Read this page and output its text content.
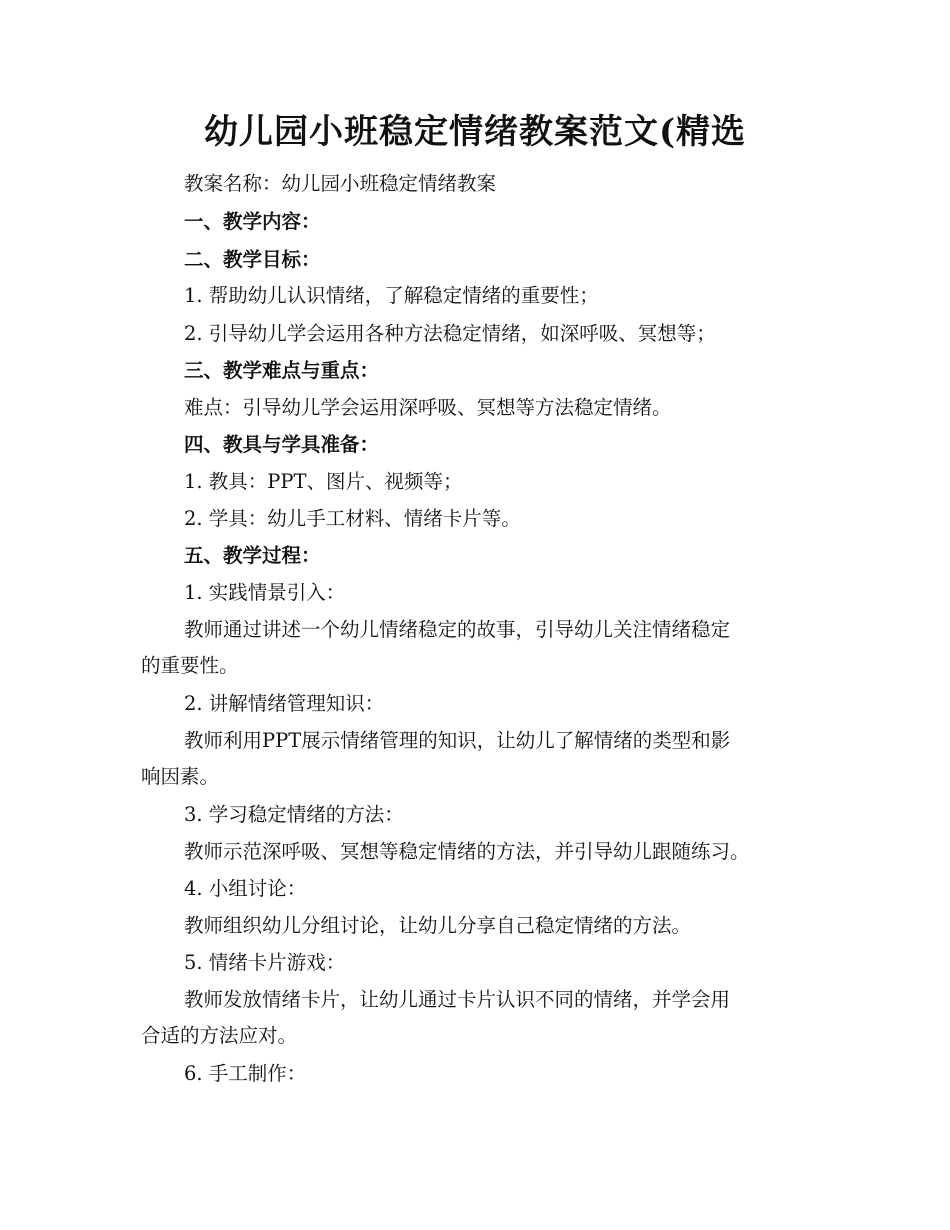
幼儿园小班稳定情绪教案范文(精选

教案名称：幼儿园小班稳定情绪教案

一、教学内容：

二、教学目标：

1. 帮助幼儿认识情绪，了解稳定情绪的重要性；

2. 引导幼儿学会运用各种方法稳定情绪，如深呼吸、冥想等；

三、教学难点与重点：

难点：引导幼儿学会运用深呼吸、冥想等方法稳定情绪。

四、教具与学具准备：

1. 教具：PPT、图片、视频等；

2. 学具：幼儿手工材料、情绪卡片等。

五、教学过程：

1. 实践情景引入：

教师通过讲述一个幼儿情绪稳定的故事，引导幼儿关注情绪稳定

的重要性。

2. 讲解情绪管理知识：

教师利用PPT展示情绪管理的知识，让幼儿了解情绪的类型和影

响因素。

3. 学习稳定情绪的方法：

教师示范深呼吸、冥想等稳定情绪的方法，并引导幼儿跟随练习。

4. 小组讨论：

教师组织幼儿分组讨论，让幼儿分享自己稳定情绪的方法。

5. 情绪卡片游戏：

教师发放情绪卡片，让幼儿通过卡片认识不同的情绪，并学会用

合适的方法应对。

6. 手工制作：
